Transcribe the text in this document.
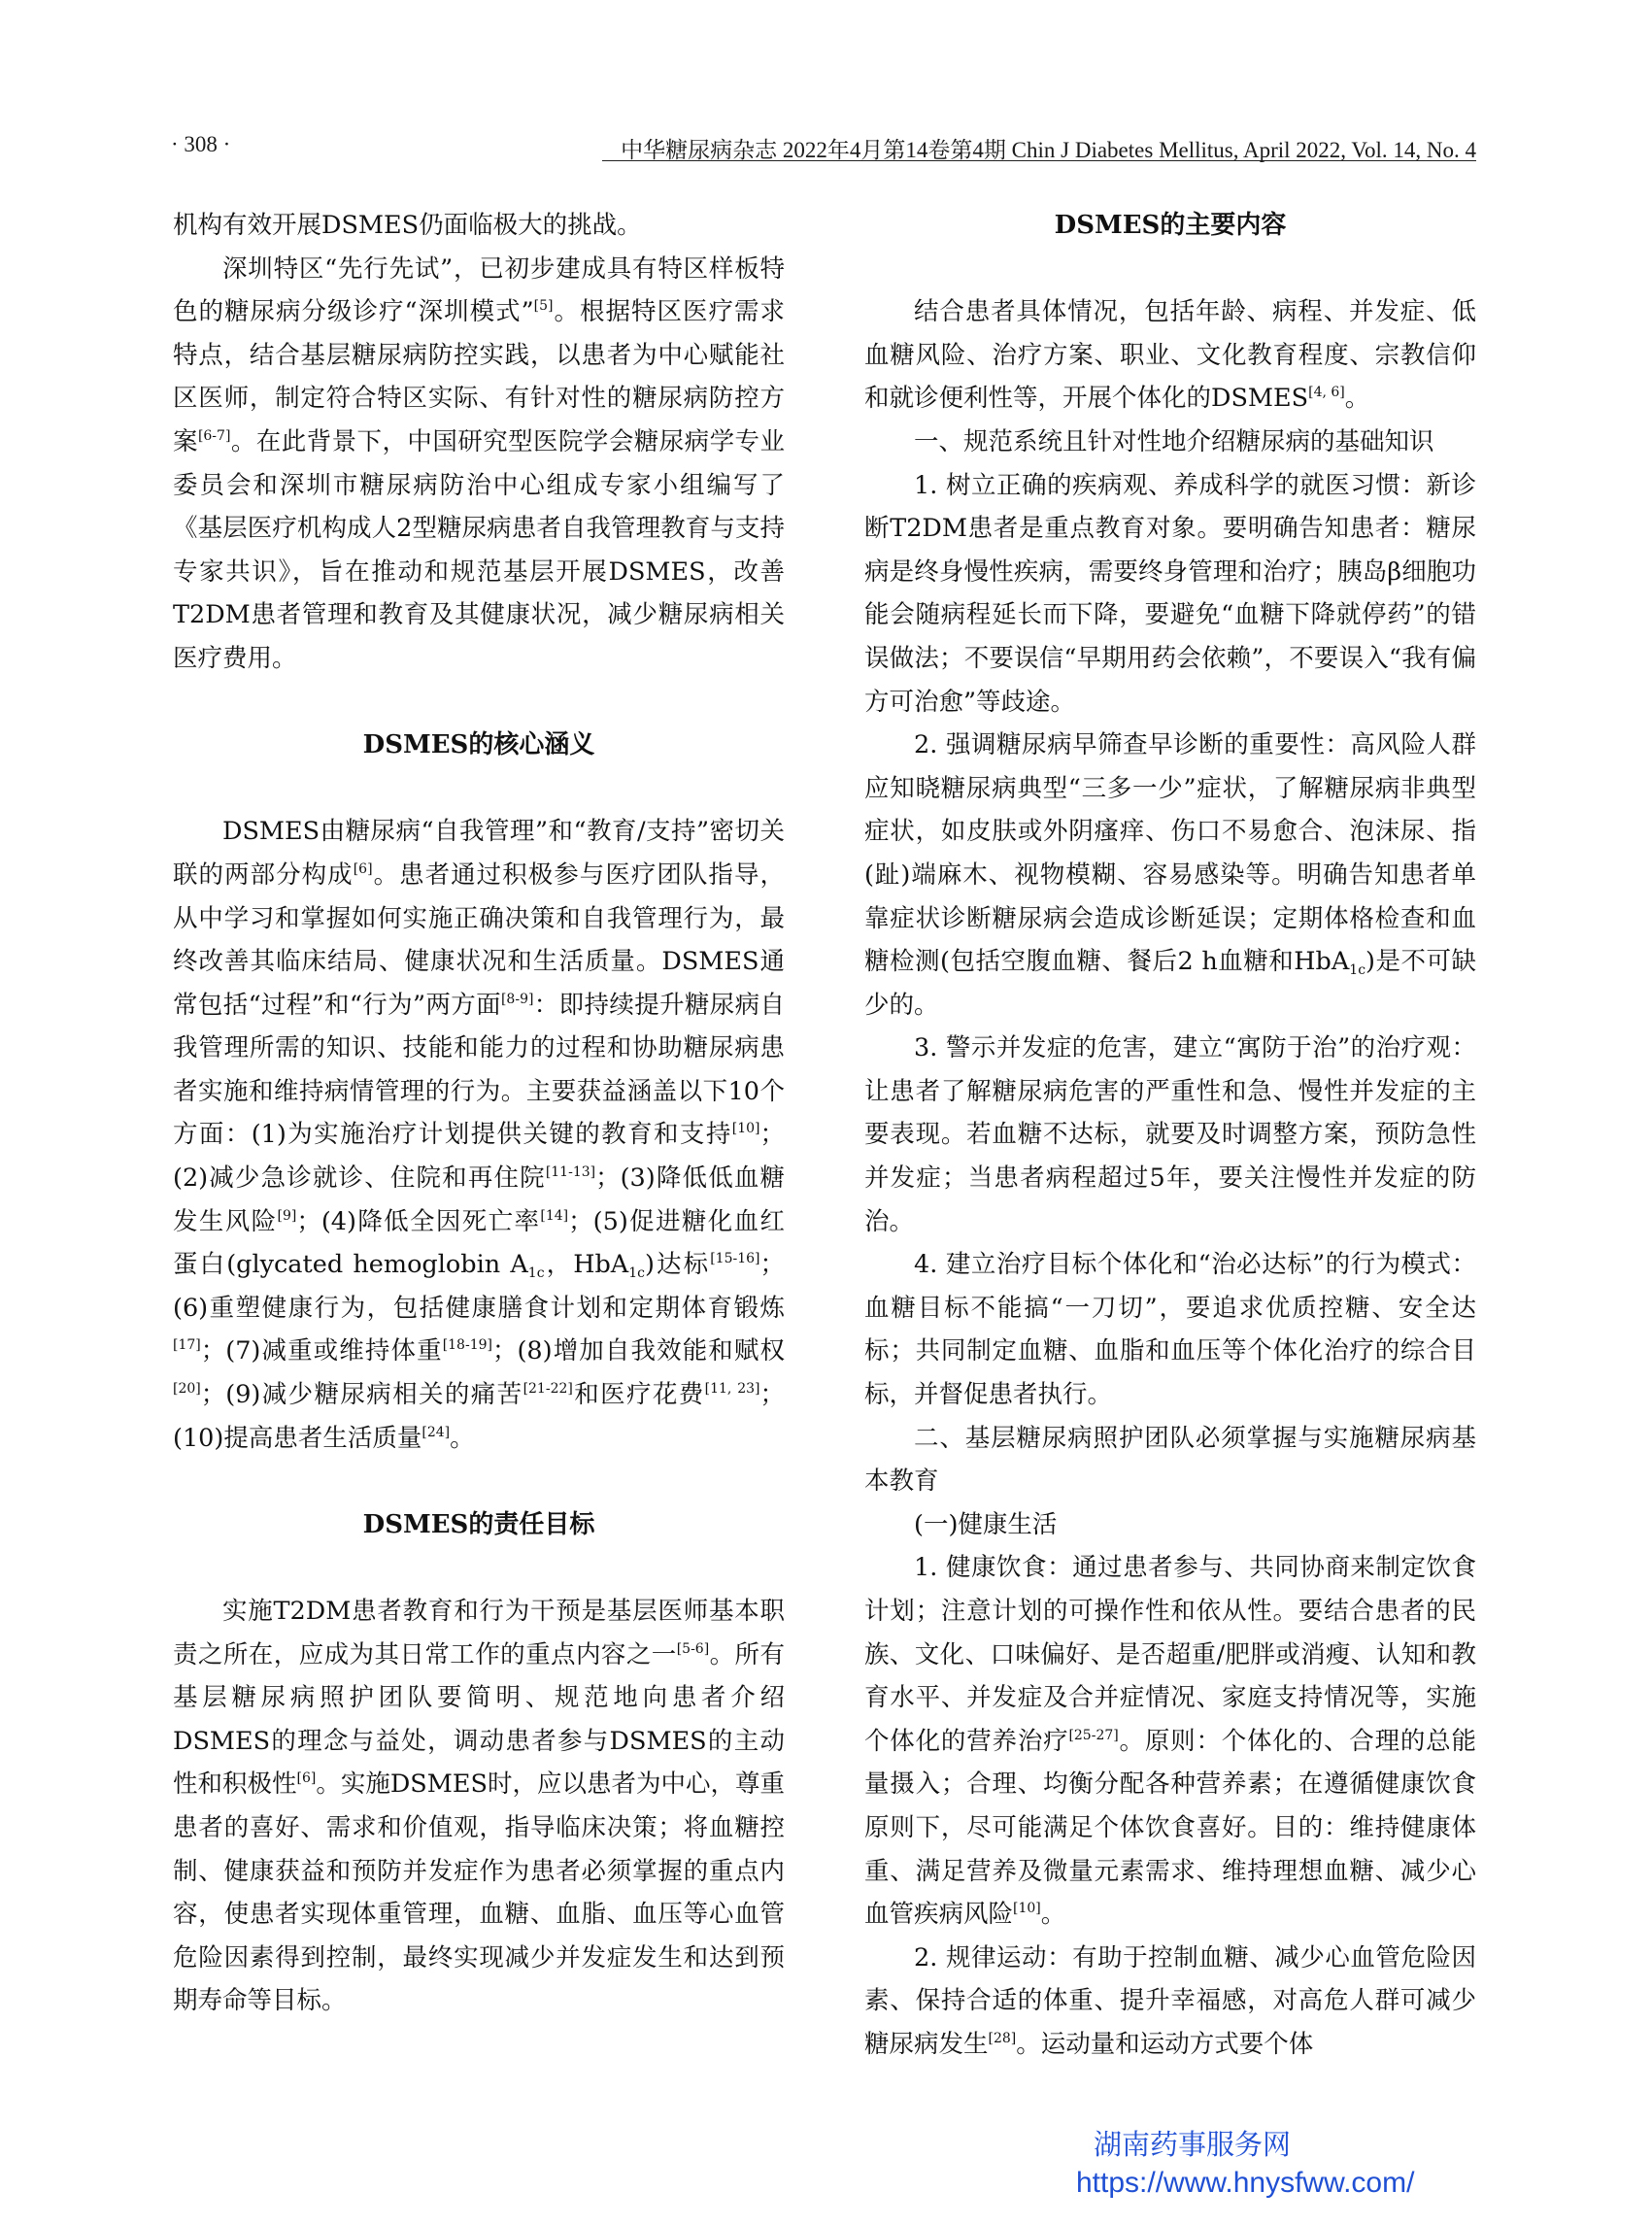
· 308 ·	中华糖尿病杂志 2022年4月第14卷第4期 Chin J Diabetes Mellitus, April 2022, Vol. 14, No. 4

机构有效开展DSMES仍面临极大的挑战。

深圳特区“先行先试”，已初步建成具有特区样板特色的糖尿病分级诊疗“深圳模式”[5]。根据特区医疗需求特点，结合基层糖尿病防控实践，以患者为中心赋能社区医师，制定符合特区实际、有针对性的糖尿病防控方案[6-7]。在此背景下，中国研究型医院学会糖尿病学专业委员会和深圳市糖尿病防治中心组成专家小组编写了《基层医疗机构成人2型糖尿病患者自我管理教育与支持专家共识》，旨在推动和规范基层开展DSMES，改善T2DM患者管理和教育及其健康状况，减少糖尿病相关医疗费用。

DSMES的核心涵义

DSMES由糖尿病“自我管理”和“教育/支持”密切关联的两部分构成[6]。患者通过积极参与医疗团队指导，从中学习和掌握如何实施正确决策和自我管理行为，最终改善其临床结局、健康状况和生活质量。DSMES通常包括“过程”和“行为”两方面[8-9]：即持续提升糖尿病自我管理所需的知识、技能和能力的过程和协助糖尿病患者实施和维持病情管理的行为。主要获益涵盖以下10个方面：(1)为实施治疗计划提供关键的教育和支持[10]；(2)减少急诊就诊、住院和再住院[11-13]；(3)降低低血糖发生风险[9]；(4)降低全因死亡率[14]；(5)促进糖化血红蛋白(glycated hemoglobin $A_{1c}$，HbA$_{1c}$)达标[15-16]；(6)重塑健康行为，包括健康膳食计划和定期体育锻炼[17]；(7)减重或维持体重[18-19]；(8)增加自我效能和赋权[20]；(9)减少糖尿病相关的痛苦[21-22]和医疗花费[11, 23]；(10)提高患者生活质量[24]。

DSMES的责任目标

实施T2DM患者教育和行为干预是基层医师基本职责之所在，应成为其日常工作的重点内容之一[5-6]。所有基层糖尿病照护团队要简明、规范地向患者介绍DSMES的理念与益处，调动患者参与DSMES的主动性和积极性[6]。实施DSMES时，应以患者为中心，尊重患者的喜好、需求和价值观，指导临床决策；将血糖控制、健康获益和预防并发症作为患者必须掌握的重点内容，使患者实现体重管理，血糖、血脂、血压等心血管危险因素得到控制，最终实现减少并发症发生和达到预期寿命等目标。

DSMES的主要内容

结合患者具体情况，包括年龄、病程、并发症、低血糖风险、治疗方案、职业、文化教育程度、宗教信仰和就诊便利性等，开展个体化的DSMES[4, 6]。

一、规范系统且针对性地介绍糖尿病的基础知识

1. 树立正确的疾病观、养成科学的就医习惯：新诊断T2DM患者是重点教育对象。要明确告知患者：糖尿病是终身慢性疾病，需要终身管理和治疗；胰岛β细胞功能会随病程延长而下降，要避免“血糖下降就停药”的错误做法；不要误信“早期用药会依赖”，不要误入“我有偏方可治愈”等歧途。

2. 强调糖尿病早筛查早诊断的重要性：高风险人群应知晓糖尿病典型“三多一少”症状，了解糖尿病非典型症状，如皮肤或外阴瘙痒、伤口不易愈合、泡沫尿、指(趾)端麻木、视物模糊、容易感染等。明确告知患者单靠症状诊断糖尿病会造成诊断延误；定期体格检查和血糖检测(包括空腹血糖、餐后2 h血糖和HbA$_{1c}$)是不可缺少的。

3. 警示并发症的危害，建立“寓防于治”的治疗观：让患者了解糖尿病危害的严重性和急、慢性并发症的主要表现。若血糖不达标，就要及时调整方案，预防急性并发症；当患者病程超过5年，要关注慢性并发症的防治。

4. 建立治疗目标个体化和“治必达标”的行为模式：血糖目标不能搞“一刀切”，要追求优质控糖、安全达标；共同制定血糖、血脂和血压等个体化治疗的综合目标，并督促患者执行。

二、基层糖尿病照护团队必须掌握与实施糖尿病基本教育

(一)健康生活

1. 健康饮食：通过患者参与、共同协商来制定饮食计划；注意计划的可操作性和依从性。要结合患者的民族、文化、口味偏好、是否超重/肥胖或消瘦、认知和教育水平、并发症及合并症情况、家庭支持情况等，实施个体化的营养治疗[25-27]。原则：个体化的、合理的总能量摄入；合理、均衡分配各种营养素；在遵循健康饮食原则下，尽可能满足个体饮食喜好。目的：维持健康体重、满足营养及微量元素需求、维持理想血糖、减少心血管疾病风险[10]。

2. 规律运动：有助于控制血糖、减少心血管危险因素、保持合适的体重、提升幸福感，对高危人群可减少糖尿病发生[28]。运动量和运动方式要个体

湖南药事服务网
https://www.hnysfww.com/
